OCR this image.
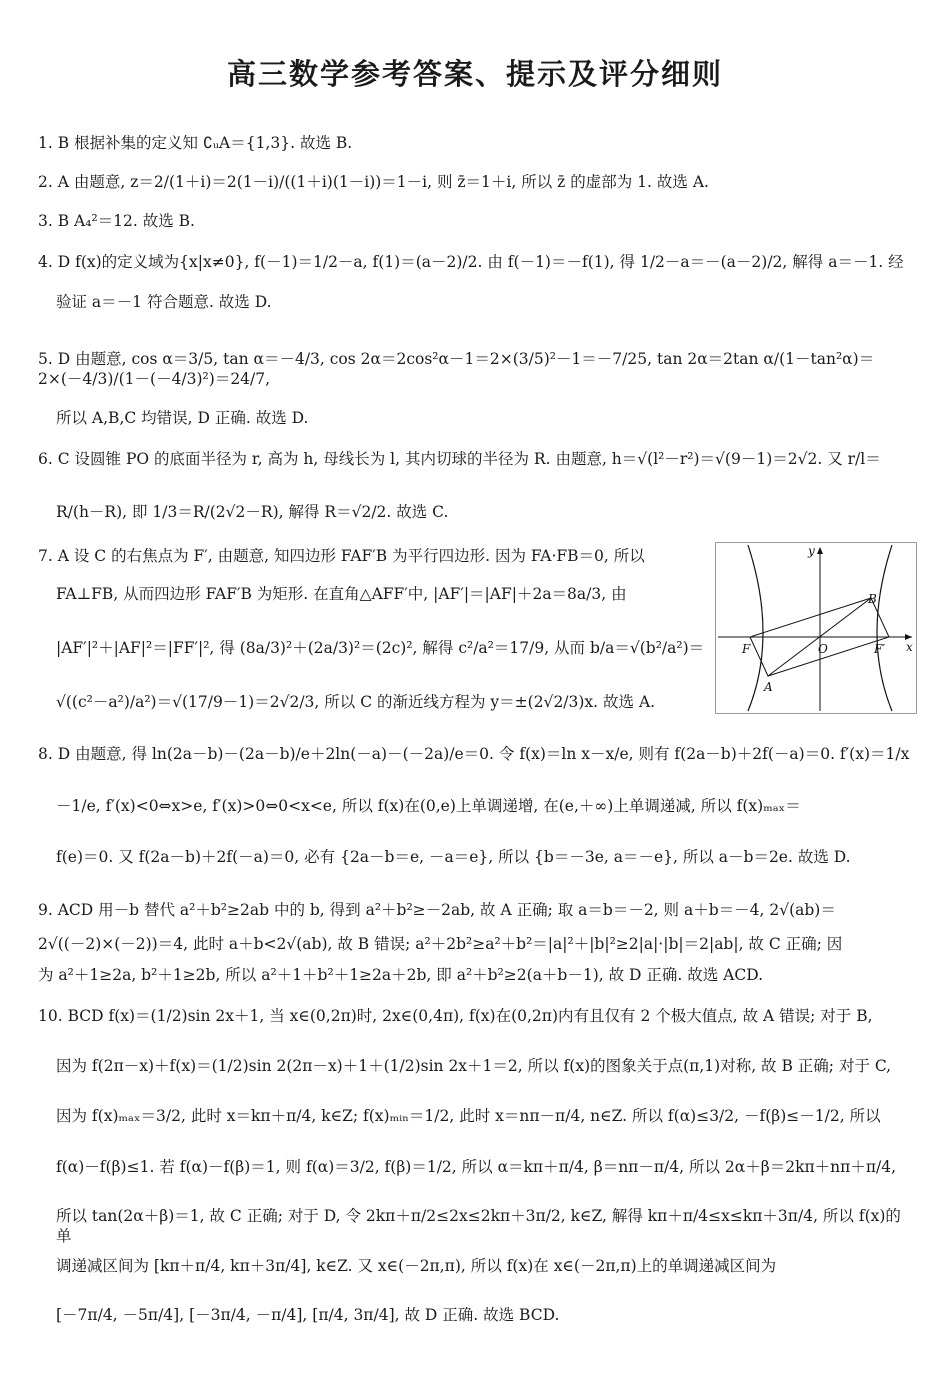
高三数学参考答案、提示及评分细则
1. B 根据补集的定义知 ∁ᵤA＝{1,3}. 故选 B.
2. A 由题意, z＝2/(1＋i)＝2(1－i)/((1＋i)(1－i))＝1－i, 则 z̄＝1＋i, 所以 z̄ 的虚部为 1. 故选 A.
3. B A₄²＝12. 故选 B.
4. D f(x)的定义域为{x|x≠0}, f(－1)＝1/2－a, f(1)＝(a－2)/2. 由 f(－1)＝－f(1), 得 1/2－a＝－(a－2)/2, 解得 a＝－1. 经
验证 a＝－1 符合题意. 故选 D.
5. D 由题意, cos α＝3/5, tan α＝－4/3, cos 2α＝2cos²α－1＝2×(3/5)²－1＝－7/25, tan 2α＝2tan α/(1－tan²α)＝2×(－4/3)/(1－(－4/3)²)＝24/7,
所以 A,B,C 均错误, D 正确. 故选 D.
6. C 设圆锥 PO 的底面半径为 r, 高为 h, 母线长为 l, 其内切球的半径为 R. 由题意, h＝√(l²－r²)＝√(9－1)＝2√2. 又 r/l＝
R/(h－R), 即 1/3＝R/(2√2－R), 解得 R＝√2/2. 故选 C.
7. A 设 C 的右焦点为 F′, 由题意, 知四边形 FAF′B 为平行四边形. 因为 FA·FB＝0, 所以
FA⊥FB, 从而四边形 FAF′B 为矩形. 在直角△AFF′中, |AF′|＝|AF|＋2a＝8a/3, 由
|AF′|²＋|AF|²＝|FF′|², 得 (8a/3)²＋(2a/3)²＝(2c)², 解得 c²/a²＝17/9, 从而 b/a＝√(b²/a²)＝
√((c²－a²)/a²)＝√(17/9－1)＝2√2/3, 所以 C 的渐近线方程为 y＝±(2√2/3)x. 故选 A.
y
x
O
F	F′
A
B
8. D 由题意, 得 ln(2a－b)－(2a－b)/e＋2ln(－a)－(－2a)/e＝0. 令 f(x)＝ln x－x/e, 则有 f(2a－b)＋2f(－a)＝0. f′(x)＝1/x
－1/e, f′(x)<0⇔x>e, f′(x)>0⇔0<x<e, 所以 f(x)在(0,e)上单调递增, 在(e,＋∞)上单调递减, 所以 f(x)ₘₐₓ＝
f(e)＝0. 又 f(2a－b)＋2f(－a)＝0, 必有 {2a－b＝e, －a＝e}, 所以 {b＝－3e, a＝－e}, 所以 a－b＝2e. 故选 D.
9. ACD 用－b 替代 a²＋b²≥2ab 中的 b, 得到 a²＋b²≥－2ab, 故 A 正确; 取 a＝b＝－2, 则 a＋b＝－4, 2√(ab)＝
2√((－2)×(－2))＝4, 此时 a＋b<2√(ab), 故 B 错误; a²＋2b²≥a²＋b²＝|a|²＋|b|²≥2|a|·|b|＝2|ab|, 故 C 正确; 因
为 a²＋1≥2a, b²＋1≥2b, 所以 a²＋1＋b²＋1≥2a＋2b, 即 a²＋b²≥2(a＋b－1), 故 D 正确. 故选 ACD.
10. BCD f(x)＝(1/2)sin 2x＋1, 当 x∈(0,2π)时, 2x∈(0,4π), f(x)在(0,2π)内有且仅有 2 个极大值点, 故 A 错误; 对于 B,
因为 f(2π－x)＋f(x)＝(1/2)sin 2(2π－x)＋1＋(1/2)sin 2x＋1＝2, 所以 f(x)的图象关于点(π,1)对称, 故 B 正确; 对于 C,
因为 f(x)ₘₐₓ＝3/2, 此时 x＝kπ＋π/4, k∈Z; f(x)ₘᵢₙ＝1/2, 此时 x＝nπ－π/4, n∈Z. 所以 f(α)≤3/2, －f(β)≤－1/2, 所以
f(α)－f(β)≤1. 若 f(α)－f(β)＝1, 则 f(α)＝3/2, f(β)＝1/2, 所以 α＝kπ＋π/4, β＝nπ－π/4, 所以 2α＋β＝2kπ＋nπ＋π/4,
所以 tan(2α＋β)＝1, 故 C 正确; 对于 D, 令 2kπ＋π/2≤2x≤2kπ＋3π/2, k∈Z, 解得 kπ＋π/4≤x≤kπ＋3π/4, 所以 f(x)的单
调递减区间为 [kπ＋π/4, kπ＋3π/4], k∈Z. 又 x∈(－2π,π), 所以 f(x)在 x∈(－2π,π)上的单调递减区间为
[－7π/4, －5π/4], [－3π/4, －π/4], [π/4, 3π/4], 故 D 正确. 故选 BCD.
